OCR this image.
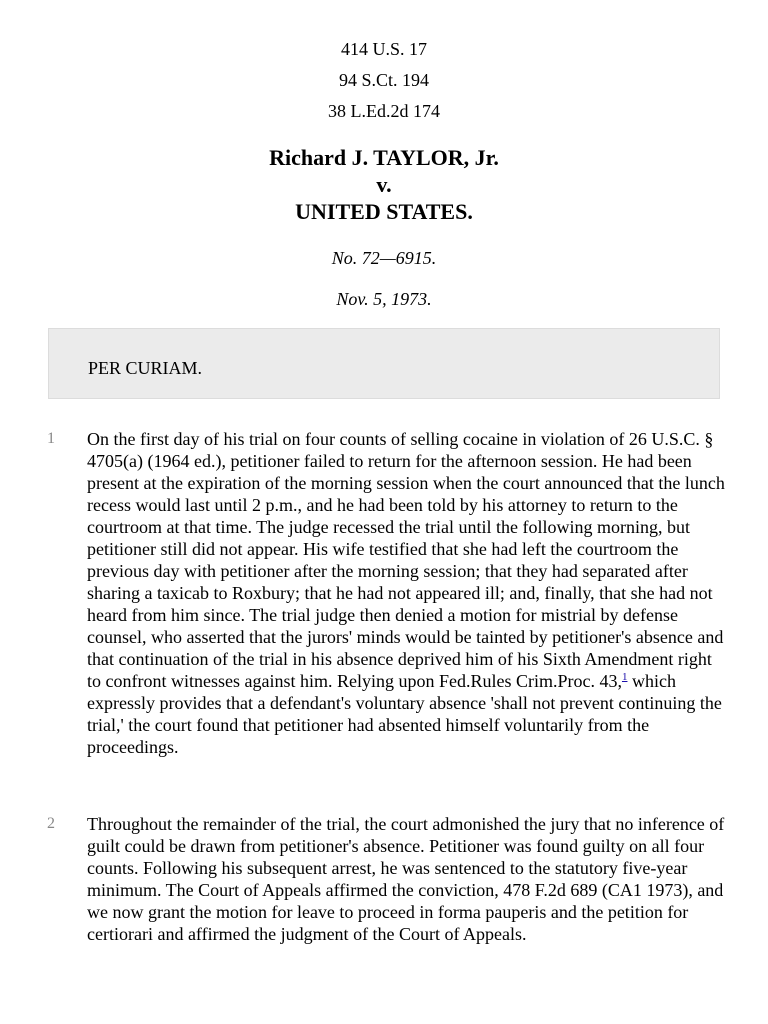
414 U.S. 17
94 S.Ct. 194
38 L.Ed.2d 174
Richard J. TAYLOR, Jr.
v.
UNITED STATES.
No. 72—6915.
Nov. 5, 1973.
PER CURIAM.
1 On the first day of his trial on four counts of selling cocaine in violation of 26 U.S.C. § 4705(a) (1964 ed.), petitioner failed to return for the afternoon session. He had been present at the expiration of the morning session when the court announced that the lunch recess would last until 2 p.m., and he had been told by his attorney to return to the courtroom at that time. The judge recessed the trial until the following morning, but petitioner still did not appear. His wife testified that she had left the courtroom the previous day with petitioner after the morning session; that they had separated after sharing a taxicab to Roxbury; that he had not appeared ill; and, finally, that she had not heard from him since. The trial judge then denied a motion for mistrial by defense counsel, who asserted that the jurors' minds would be tainted by petitioner's absence and that continuation of the trial in his absence deprived him of his Sixth Amendment right to confront witnesses against him. Relying upon Fed.Rules Crim.Proc. 43,$^1$ which expressly provides that a defendant's voluntary absence 'shall not prevent continuing the trial,' the court found that petitioner had absented himself voluntarily from the proceedings.

2 Throughout the remainder of the trial, the court admonished the jury that no inference of guilt could be drawn from petitioner's absence. Petitioner was found guilty on all four counts. Following his subsequent arrest, he was sentenced to the statutory five-year minimum. The Court of Appeals affirmed the conviction, 478 F.2d 689 (CA1 1973), and we now grant the motion for leave to proceed in forma pauperis and the petition for certiorari and affirmed the judgment of the Court of Appeals.
